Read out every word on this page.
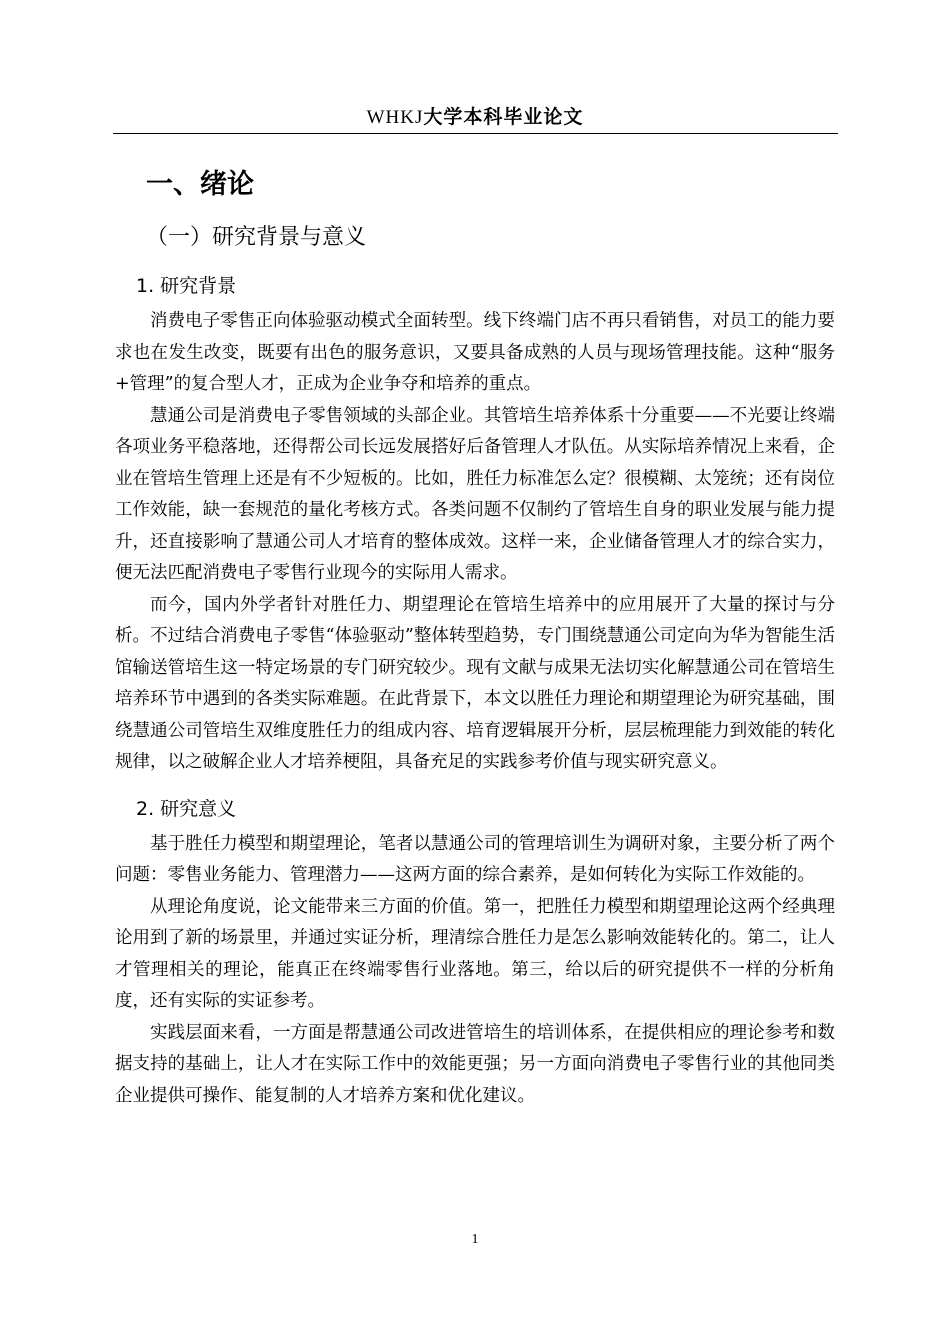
WHKJ大学本科毕业论文
一、绪论
（一）研究背景与意义
1. 研究背景

消费电子零售正向体验驱动模式全面转型。线下终端门店不再只看销售，对员工的能力要求也在发生改变，既要有出色的服务意识，又要具备成熟的人员与现场管理技能。这种“服务+管理”的复合型人才，正成为企业争夺和培养的重点。

慧通公司是消费电子零售领域的头部企业。其管培生培养体系十分重要——不光要让终端各项业务平稳落地，还得帮公司长远发展搭好后备管理人才队伍。从实际培养情况上来看，企业在管培生管理上还是有不少短板的。比如，胜任力标准怎么定？很模糊、太笼统；还有岗位工作效能，缺一套规范的量化考核方式。各类问题不仅制约了管培生自身的职业发展与能力提升，还直接影响了慧通公司人才培育的整体成效。这样一来，企业储备管理人才的综合实力，便无法匹配消费电子零售行业现今的实际用人需求。

而今，国内外学者针对胜任力、期望理论在管培生培养中的应用展开了大量的探讨与分析。不过结合消费电子零售“体验驱动”整体转型趋势，专门围绕慧通公司定向为华为智能生活馆输送管培生这一特定场景的专门研究较少。现有文献与成果无法切实化解慧通公司在管培生培养环节中遇到的各类实际难题。在此背景下，本文以胜任力理论和期望理论为研究基础，围绕慧通公司管培生双维度胜任力的组成内容、培育逻辑展开分析，层层梳理能力到效能的转化规律，以之破解企业人才培养梗阻，具备充足的实践参考价值与现实研究意义。

2. 研究意义

基于胜任力模型和期望理论，笔者以慧通公司的管理培训生为调研对象，主要分析了两个问题：零售业务能力、管理潜力——这两方面的综合素养，是如何转化为实际工作效能的。

从理论角度说，论文能带来三方面的价值。第一，把胜任力模型和期望理论这两个经典理论用到了新的场景里，并通过实证分析，理清综合胜任力是怎么影响效能转化的。第二，让人才管理相关的理论，能真正在终端零售行业落地。第三，给以后的研究提供不一样的分析角度，还有实际的实证参考。

实践层面来看，一方面是帮慧通公司改进管培生的培训体系，在提供相应的理论参考和数据支持的基础上，让人才在实际工作中的效能更强；另一方面向消费电子零售行业的其他同类企业提供可操作、能复制的人才培养方案和优化建议。

1
